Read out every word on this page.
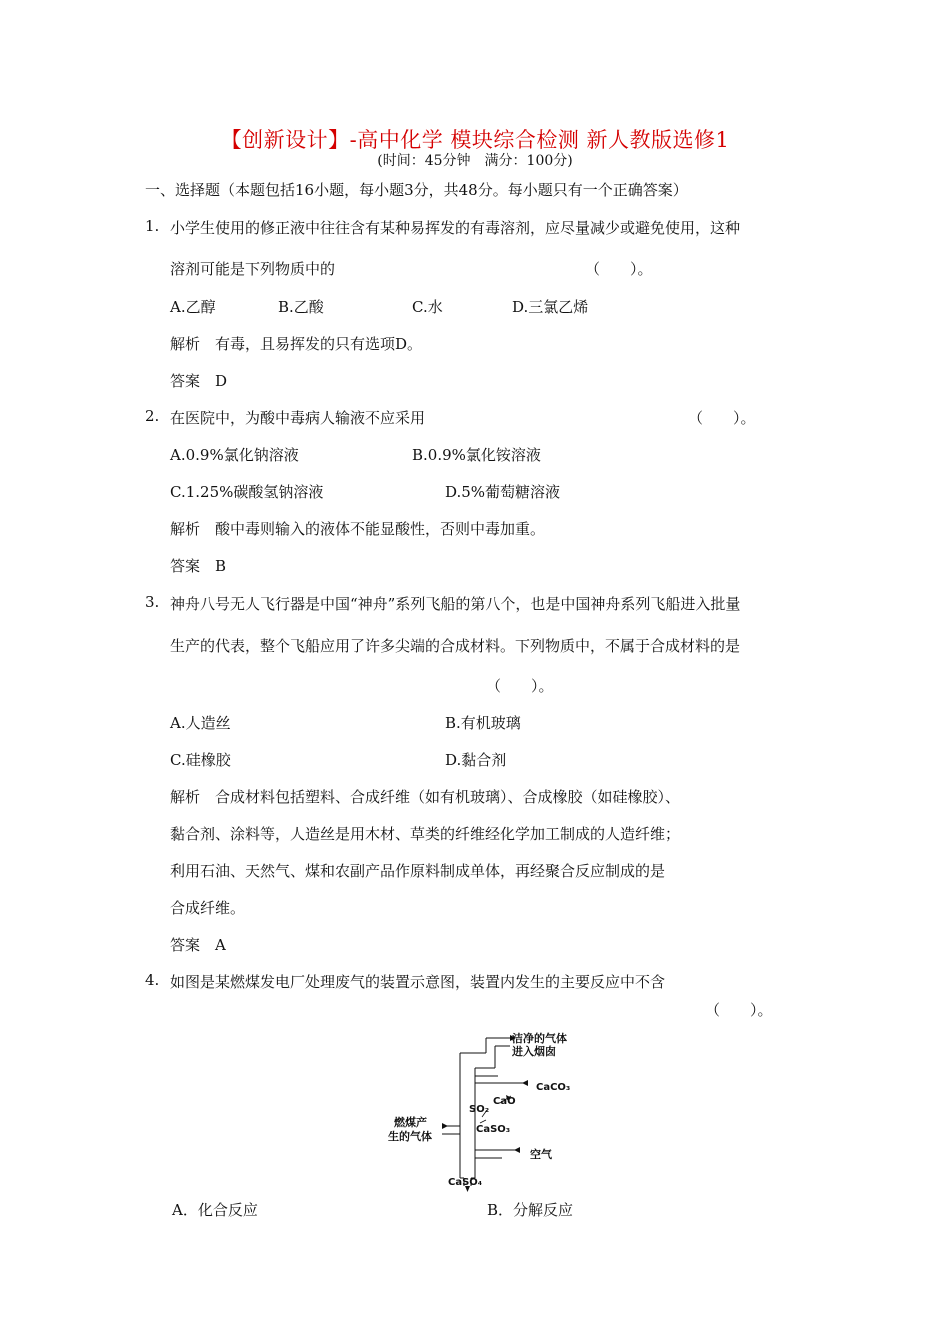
【创新设计】-高中化学 模块综合检测 新人教版选修1
(时间：45分钟　满分：100分)
一、选择题（本题包括16小题，每小题3分，共48分。每小题只有一个正确答案）
1. 小学生使用的修正液中往往含有某种易挥发的有毒溶剂，应尽量减少或避免使用，这种
溶剂可能是下列物质中的	（　　）。
A.乙醇	B.乙酸	C.水	D.三氯乙烯
解析　有毒，且易挥发的只有选项D。
答案　D
2. 在医院中，为酸中毒病人输液不应采用	（　　）。
A.0.9%氯化钠溶液	B.0.9%氯化铵溶液
C.1.25%碳酸氢钠溶液	D.5%葡萄糖溶液
解析　酸中毒则输入的液体不能显酸性，否则中毒加重。
答案　B
3. 神舟八号无人飞行器是中国“神舟”系列飞船的第八个，也是中国神舟系列飞船进入批量
生产的代表，整个飞船应用了许多尖端的合成材料。下列物质中，不属于合成材料的是
（　　）。
A.人造丝	B.有机玻璃
C.硅橡胶	D.黏合剂
解析　合成材料包括塑料、合成纤维（如有机玻璃）、合成橡胶（如硅橡胶）、
黏合剂、涂料等，人造丝是用木材、草类的纤维经化学加工制成的人造纤维；
利用石油、天然气、煤和农副产品作原料制成单体，再经聚合反应制成的是
合成纤维。
答案　A
4. 如图是某燃煤发电厂处理废气的装置示意图，装置内发生的主要反应中不含
（　　）。
洁净的气体
进入烟囱
CaCO₃
CaO
SO₂
CaSO₃
燃煤产
生的气体
空气
CaSO₄
A．化合反应	B．分解反应
